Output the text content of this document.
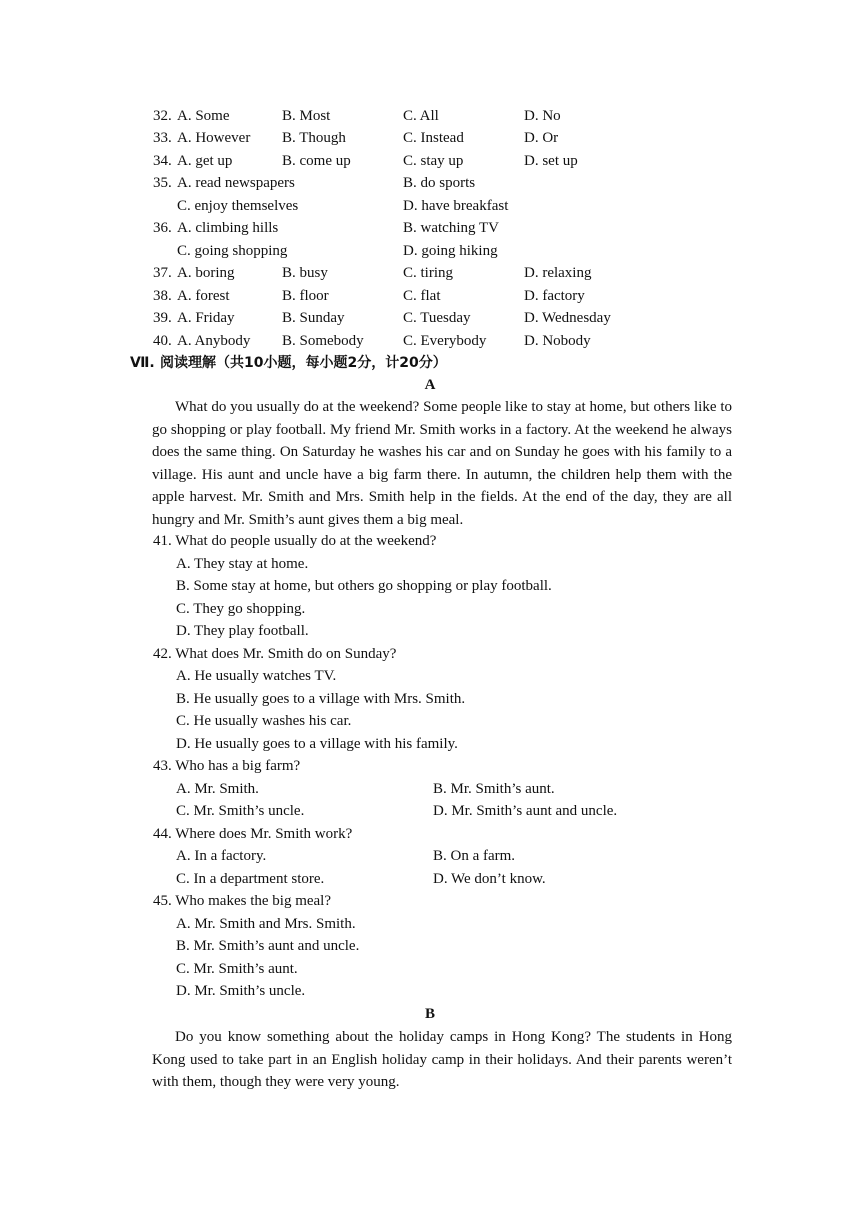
32. A. Some	B. Most	C. All	D. No
33. A. However B. Though	C. Instead	D. Or
34. A. get up	B. come up	C. stay up	D. set up
35. A. read newspapers	B. do sports
C. enjoy themselves	D. have breakfast
36. A. climbing hills	B. watching TV
C. going shopping	D. going hiking
37. A. boring	B. busy	C. tiring	D. relaxing
38. A. forest	B. floor	C. flat	D. factory
39. A. Friday	B. Sunday	C. Tuesday	D. Wednesday
40. A. Anybody B. Somebody	C. Everybody	D. Nobody
Ⅶ. 阅读理解（共10小题，每小题2分，计20分）
A

What do you usually do at the weekend? Some people like to stay at home, but others like to go shopping or play football. My friend Mr. Smith works in a factory. At the weekend he always does the same thing. On Saturday he washes his car and on Sunday he goes with his family to a village. His aunt and uncle have a big farm there. In autumn, the children help them with the apple harvest. Mr. Smith and Mrs. Smith help in the fields. At the end of the day, they are all hungry and Mr. Smith’s aunt gives them a big meal.

41. What do people usually do at the weekend?
A. They stay at home.
B. Some stay at home, but others go shopping or play football.
C. They go shopping.
D. They play football.
42. What does Mr. Smith do on Sunday?
A. He usually watches TV.
B. He usually goes to a village with Mrs. Smith.
C. He usually washes his car.
D. He usually goes to a village with his family.
43. Who has a big farm?
A. Mr. Smith.	B. Mr. Smith’s aunt.
C. Mr. Smith’s uncle.	D. Mr. Smith’s aunt and uncle.
44. Where does Mr. Smith work?
A. In a factory.	B. On a farm.
C. In a department store.	D. We don’t know.
45. Who makes the big meal?
A. Mr. Smith and Mrs. Smith.
B. Mr. Smith’s aunt and uncle.
C. Mr. Smith’s aunt.
D. Mr. Smith’s uncle.
B

Do you know something about the holiday camps in Hong Kong? The students in Hong Kong used to take part in an English holiday camp in their holidays. And their parents weren’t with them, though they were very young.
